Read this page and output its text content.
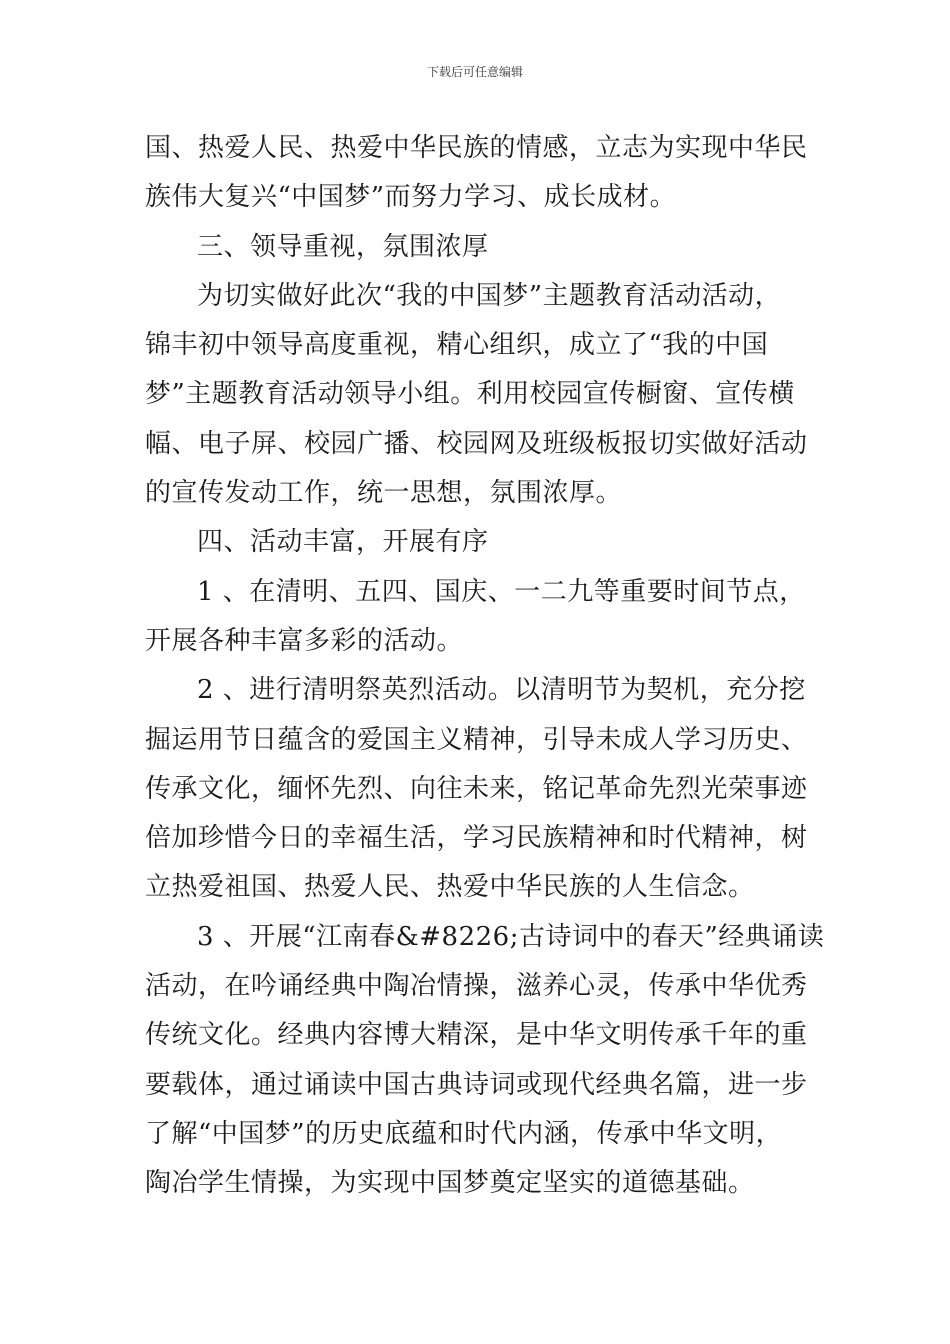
下载后可任意编辑
国、热爱人民、热爱中华民族的情感，立志为实现中华民
族伟大复兴“中国梦”而努力学习、成长成材。
三、领导重视，氛围浓厚
为切实做好此次“我的中国梦”主题教育活动活动，
锦丰初中领导高度重视，精心组织，成立了“我的中国
梦”主题教育活动领导小组。利用校园宣传橱窗、宣传横
幅、电子屏、校园广播、校园网及班级板报切实做好活动
的宣传发动工作，统一思想，氛围浓厚。
四、活动丰富，开展有序
1 、在清明、五四、国庆、一二九等重要时间节点，
开展各种丰富多彩的活动。
2 、进行清明祭英烈活动。以清明节为契机，充分挖
掘运用节日蕴含的爱国主义精神，引导未成人学习历史、
传承文化，缅怀先烈、向往未来，铭记革命先烈光荣事迹
倍加珍惜今日的幸福生活，学习民族精神和时代精神，树
立热爱祖国、热爱人民、热爱中华民族的人生信念。
3 、开展“江南春&#8226;古诗词中的春天”经典诵读
活动，在吟诵经典中陶冶情操，滋养心灵，传承中华优秀
传统文化。经典内容博大精深，是中华文明传承千年的重
要载体，通过诵读中国古典诗词或现代经典名篇，进一步
了解“中国梦”的历史底蕴和时代内涵，传承中华文明，
陶冶学生情操，为实现中国梦奠定坚实的道德基础。
